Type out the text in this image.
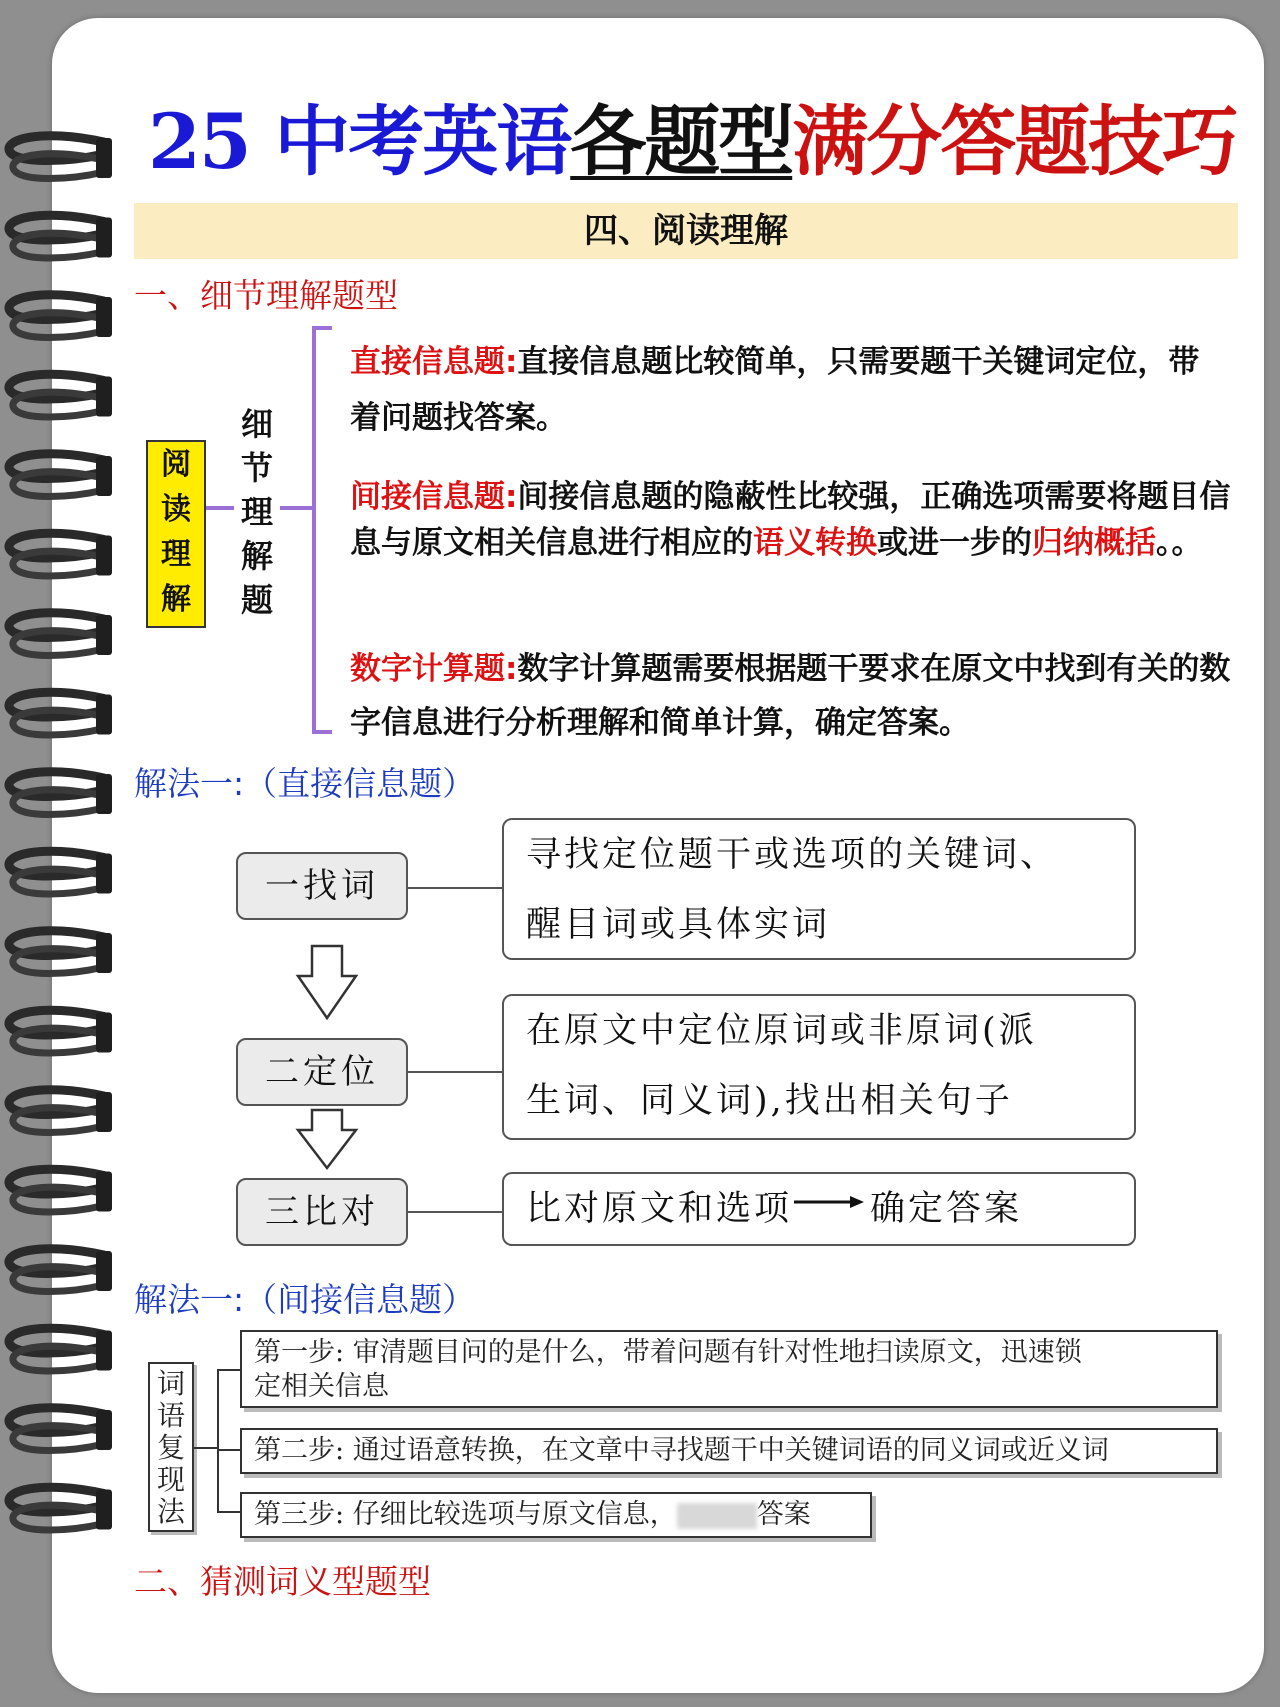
25 中考英语各题型满分答题技巧
四、阅读理解
一、细节理解题型
阅
读
理
解
细
节
理
解
题
直接信息题:直接信息题比较简单，只需要题干关键词定位，带着问题找答案。
间接信息题:间接信息题的隐蔽性比较强，正确选项需要将题目信息与原文相关信息进行相应的语义转换或进一步的归纳概括。。
数字计算题:数字计算题需要根据题干要求在原文中找到有关的数字信息进行分析理解和简单计算，确定答案。
解法一:（直接信息题）
一找词
二定位
三比对
寻找定位题干或选项的关键词、
醒目词或具体实词
在原文中定位原词或非原词(派
生词、同义词),找出相关句子
比对原文和选项 确定答案
解法一:（间接信息题）
词
语
复
现
法
第一步: 审清题目问的是什么，带着问题有针对性地扫读原文，迅速锁
定相关信息
第二步: 通过语意转换，在文章中寻找题干中关键词语的同义词或近义词
第三步: 仔细比较选项与原文信息，	答案
二、猜测词义型题型
